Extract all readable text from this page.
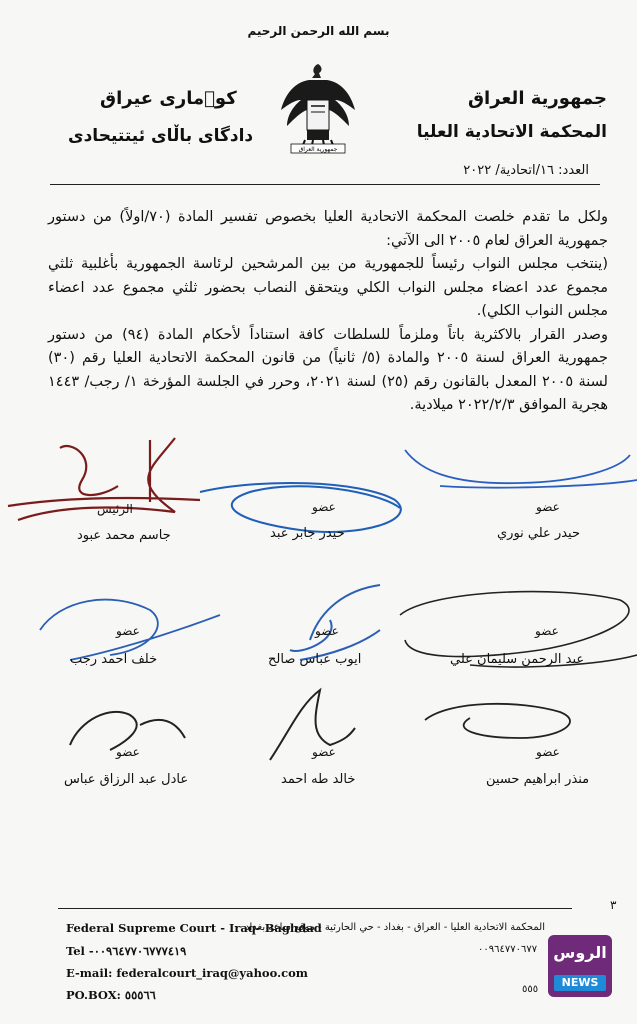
بسم الله الرحمن الرحيم
جمهورية العراق
المحكمة الاتحادية العليا
العدد: ١٦/اتحادية/ ٢٠٢٢
كو٘ماری عیراق
دادگای باڵای ئیتتیحادی
جمهورية العراق

ولكل ما تقدم خلصت المحكمة الاتحادية العليا بخصوص تفسير المادة (٧٠/اولاً) من دستور جمهورية العراق لعام ٢٠٠٥ الى الآتي:

(ينتخب مجلس النواب رئيساً للجمهورية من بين المرشحين لرئاسة الجمهورية بأغلبية ثلثي مجموع عدد اعضاء مجلس النواب الكلي ويتحقق النصاب بحضور ثلثي مجموع عدد اعضاء مجلس النواب الكلي).

وصدر القرار بالاكثرية باتاً وملزماً للسلطات كافة استناداً لأحكام المادة (٩٤) من دستور جمهورية العراق لسنة ٢٠٠٥ والمادة (٥/ ثانياً) من قانون المحكمة الاتحادية العليا رقم (٣٠) لسنة ٢٠٠٥ المعدل بالقانون رقم (٢٥) لسنة ٢٠٢١، وحرر في الجلسة المؤرخة ١/ رجب/ ١٤٤٣ هجرية الموافق ٢٠٢٢/٢/٣ ميلادية.

الرئيس
جاسم محمد عبود
عضو
حيدر جابر عبد
عضو
حيدر علي نوري
عضو
خلف احمد رجب
عضو
ايوب عباس صالح
عضو
عبد الرحمن سليمان علي
عضو
عادل عبد الرزاق عباس
عضو
خالد طه احمد
عضو
منذر ابراهيم حسين
٣
Federal Supreme Court - Iraq- Baghdad
Tel -٠٠٩٦٤٧٧٠٦٧٧٧٤١٩
E-mail: federalcourt_iraq@yahoo.com
PO.BOX: ٥٥٥٦٦
المحكمة الاتحادية العليا - العراق - بغداد - حي الحارثية - موقع ساعة بغداد
٠٠٩٦٤٧٧٠٦٧٧
٥٥٥
الروس
NEWS
